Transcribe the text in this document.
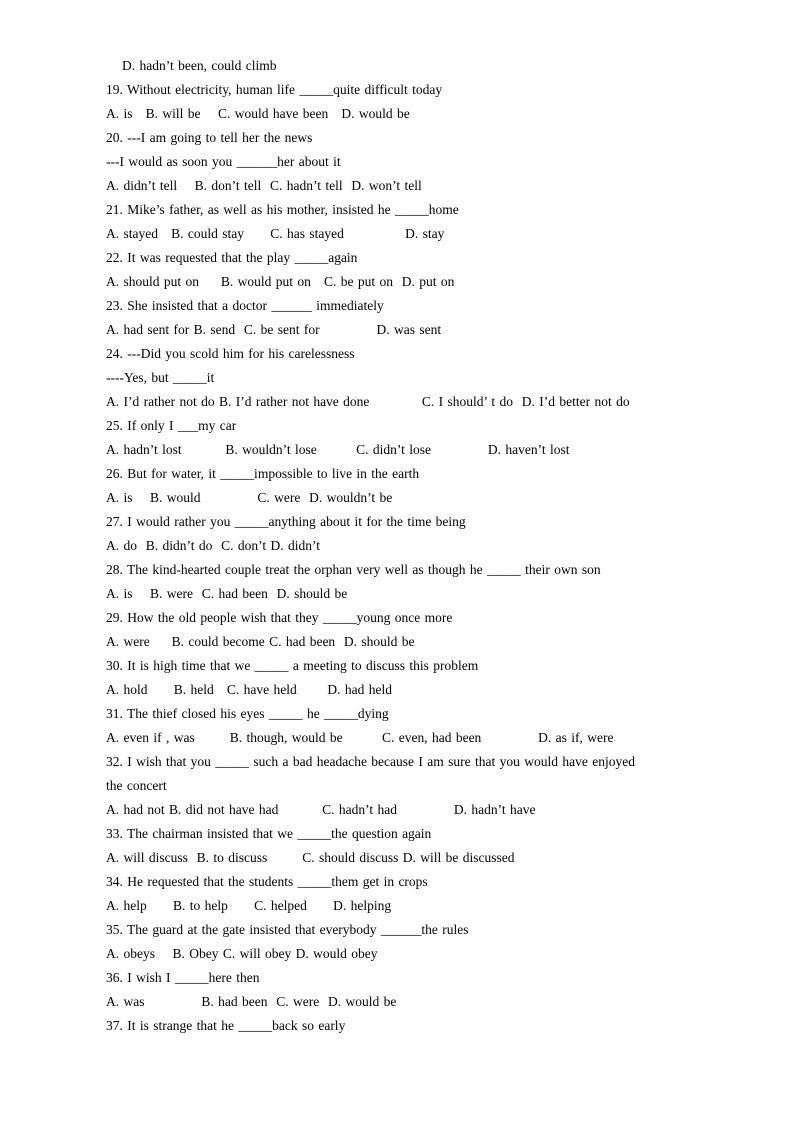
D. hadn’t been, could climb
19. Without electricity, human life _____quite difficult today
A. is   B. will be    C. would have been   D. would be
20. ---I am going to tell her the news
---I would as soon you ______her about it
A. didn’t tell    B. don’t tell  C. hadn’t tell  D. won’t tell
21. Mike’s father, as well as his mother, insisted he _____home
A. stayed   B. could stay      C. has stayed              D. stay
22. It was requested that the play _____again
A. should put on     B. would put on   C. be put on  D. put on
23. She insisted that a doctor ______ immediately
A. had sent for B. send  C. be sent for             D. was sent
24. ---Did you scold him for his carelessness
----Yes, but _____it
A. I’d rather not do B. I’d rather not have done            C. I should’ t do  D. I’d better not do
25. If only I ___my car
A. hadn’t lost          B. wouldn’t lose         C. didn’t lose             D. haven’t lost
26. But for water, it _____impossible to live in the earth
A. is    B. would             C. were  D. wouldn’t be
27. I would rather you _____anything about it for the time being
A. do  B. didn’t do  C. don’t D. didn’t
28. The kind-hearted couple treat the orphan very well as though he _____ their own son
A. is    B. were  C. had been  D. should be
29. How the old people wish that they _____young once more
A. were     B. could become C. had been  D. should be
30. It is high time that we _____ a meeting to discuss this problem
A. hold      B. held   C. have held       D. had held
31. The thief closed his eyes _____ he _____dying
A. even if , was        B. though, would be         C. even, had been             D. as if, were
32. I wish that you _____ such a bad headache because I am sure that you would have enjoyed
the concert
A. had not B. did not have had          C. hadn’t had             D. hadn’t have
33. The chairman insisted that we _____the question again
A. will discuss  B. to discuss        C. should discuss D. will be discussed
34. He requested that the students _____them get in crops
A. help      B. to help      C. helped      D. helping
35. The guard at the gate insisted that everybody ______the rules
A. obeys    B. Obey C. will obey D. would obey
36. I wish I _____here then
A. was             B. had been  C. were  D. would be
37. It is strange that he _____back so early
